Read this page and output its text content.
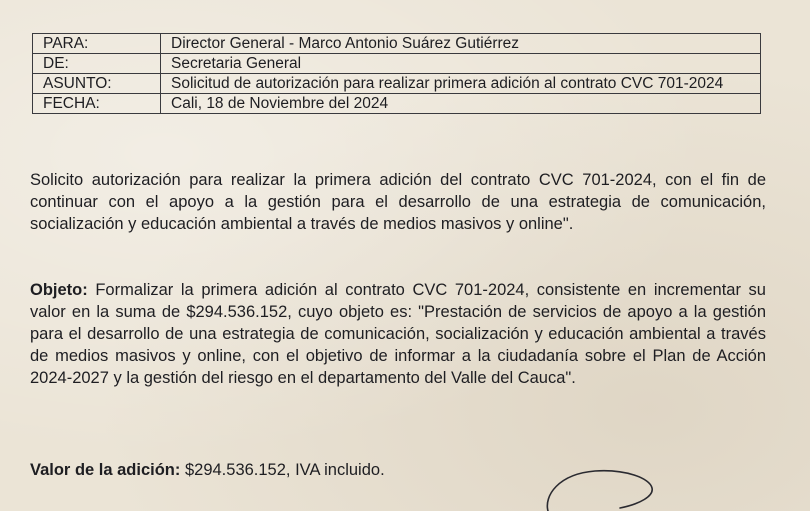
PARA:	Director General - Marco Antonio Suárez Gutiérrez
DE:	Secretaria General
ASUNTO:	Solicitud de autorización para realizar primera adición al contrato CVC 701-2024
FECHA:	Cali, 18 de Noviembre del 2024
Solicito autorización para realizar la primera adición del contrato CVC 701-2024, con el fin de continuar con el apoyo a la gestión para el desarrollo de una estrategia de comunicación, socialización y educación ambiental a través de medios masivos y online".
Objeto: Formalizar la primera adición al contrato CVC 701-2024, consistente en incrementar su valor en la suma de $294.536.152, cuyo objeto es: "Prestación de servicios de apoyo a la gestión para el desarrollo de una estrategia de comunicación, socialización y educación ambiental a través de medios masivos y online, con el objetivo de informar a la ciudadanía sobre el Plan de Acción 2024-2027 y la gestión del riesgo en el departamento del Valle del Cauca".
Valor de la adición: $294.536.152, IVA incluido.
